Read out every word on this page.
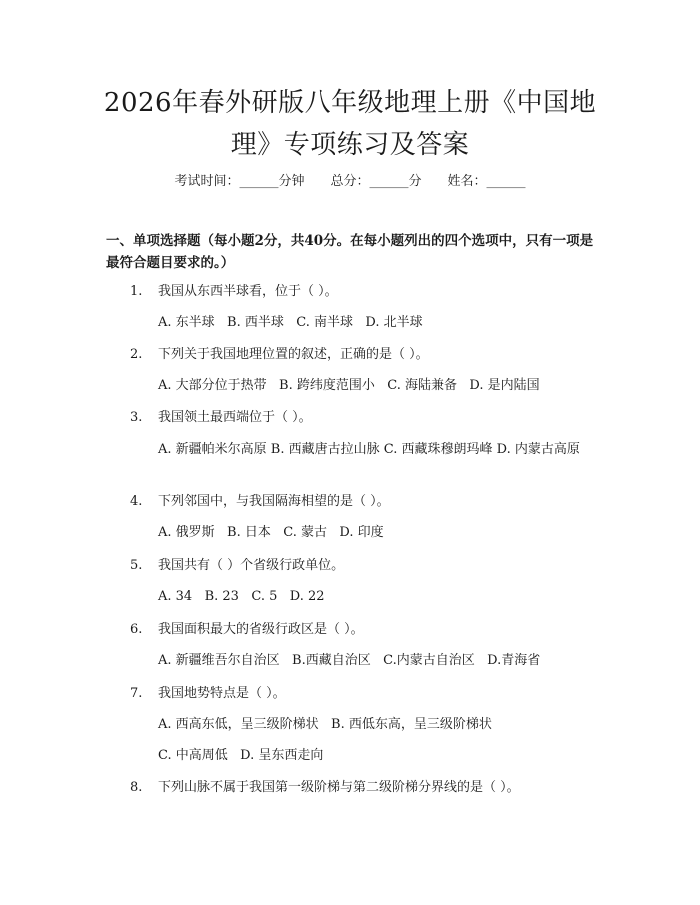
2026年春外研版八年级地理上册《中国地
理》专项练习及答案
考试时间：______分钟 总分：______分 姓名：______
一、单项选择题（每小题2分，共40分。在每小题列出的四个选项中，只有一项是最符合题目要求的。）
1.	我国从东西半球看，位于（ ）。
A. 东半球   B. 西半球   C. 南半球   D. 北半球
2.	下列关于我国地理位置的叙述，正确的是（ ）。
A. 大部分位于热带   B. 跨纬度范围小   C. 海陆兼备   D. 是内陆国
3.	我国领土最西端位于（ ）。
A. 新疆帕米尔高原 B. 西藏唐古拉山脉 C. 西藏珠穆朗玛峰 D. 内蒙古高原
4.	下列邻国中，与我国隔海相望的是（ ）。
A. 俄罗斯   B. 日本   C. 蒙古   D. 印度
5.	我国共有（ ）个省级行政单位。
A. 34   B. 23   C. 5   D. 22
6.	我国面积最大的省级行政区是（ ）。
A. 新疆维吾尔自治区   B.西藏自治区   C.内蒙古自治区   D.青海省
7.	我国地势特点是（ ）。
A. 西高东低，呈三级阶梯状   B. 西低东高，呈三级阶梯状
C. 中高周低   D. 呈东西走向
8.	下列山脉不属于我国第一级阶梯与第二级阶梯分界线的是（ ）。
